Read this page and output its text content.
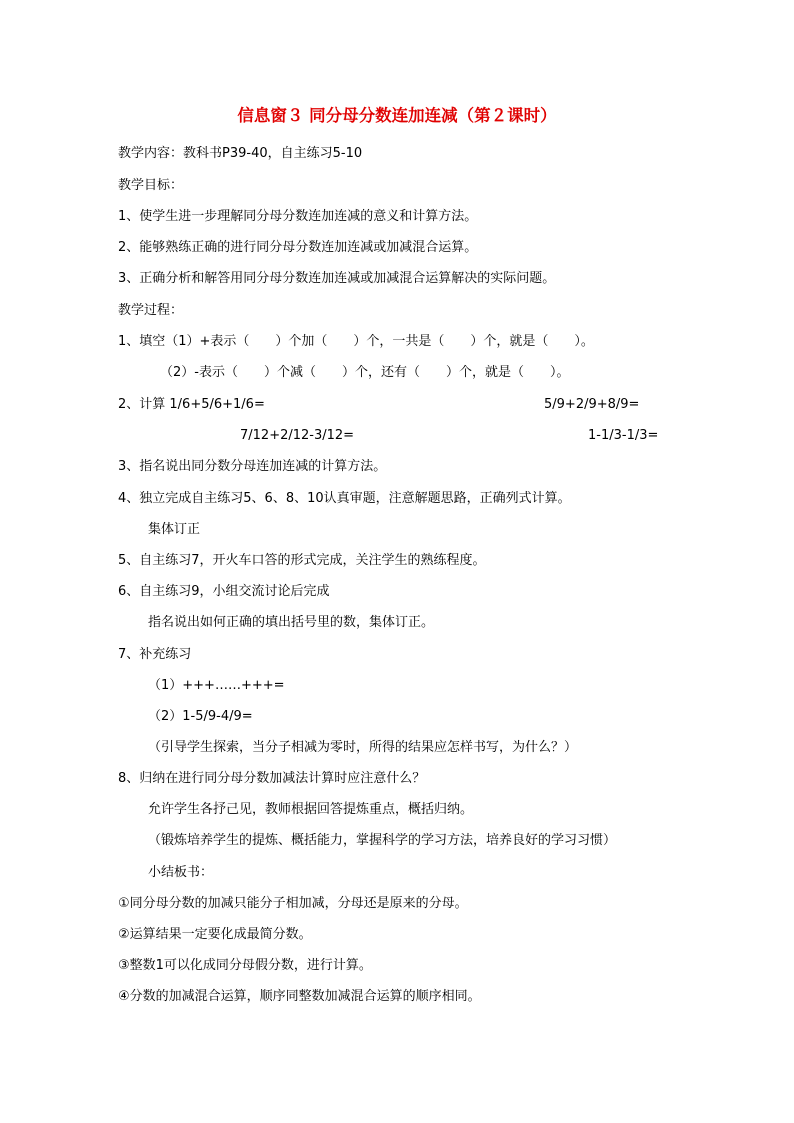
信息窗３ 同分母分数连加连减（第２课时）
教学内容：教科书P39-40，自主练习5-10
教学目标：
1、使学生进一步理解同分母分数连加连减的意义和计算方法。
2、能够熟练正确的进行同分母分数连加连减或加减混合运算。
3、正确分析和解答用同分母分数连加连减或加减混合运算解决的实际问题。
教学过程：
1、填空（1）+表示（　　）个加（　　）个，一共是（　　）个，就是（　　）。
（2）-表示（　　）个减（　　）个，还有（　　）个，就是（　　）。
2、计算 1/6+5/6+1/6=	5/9+2/9+8/9=
7/12+2/12-3/12=	1-1/3-1/3=
3、指名说出同分数分母连加连减的计算方法。
4、独立完成自主练习5、6、8、10认真审题，注意解题思路，正确列式计算。
集体订正
5、自主练习7，开火车口答的形式完成，关注学生的熟练程度。
6、自主练习9，小组交流讨论后完成
指名说出如何正确的填出括号里的数，集体订正。
7、补充练习
（1）+++……+++=
（2）1-5/9-4/9=
（引导学生探索，当分子相减为零时，所得的结果应怎样书写，为什么？）
8、归纳在进行同分母分数加减法计算时应注意什么？
允许学生各抒己见，教师根据回答提炼重点，概括归纳。
（锻炼培养学生的提炼、概括能力，掌握科学的学习方法，培养良好的学习习惯）
小结板书：
①同分母分数的加减只能分子相加减，分母还是原来的分母。
②运算结果一定要化成最简分数。
③整数1可以化成同分母假分数，进行计算。
④分数的加减混合运算，顺序同整数加减混合运算的顺序相同。
